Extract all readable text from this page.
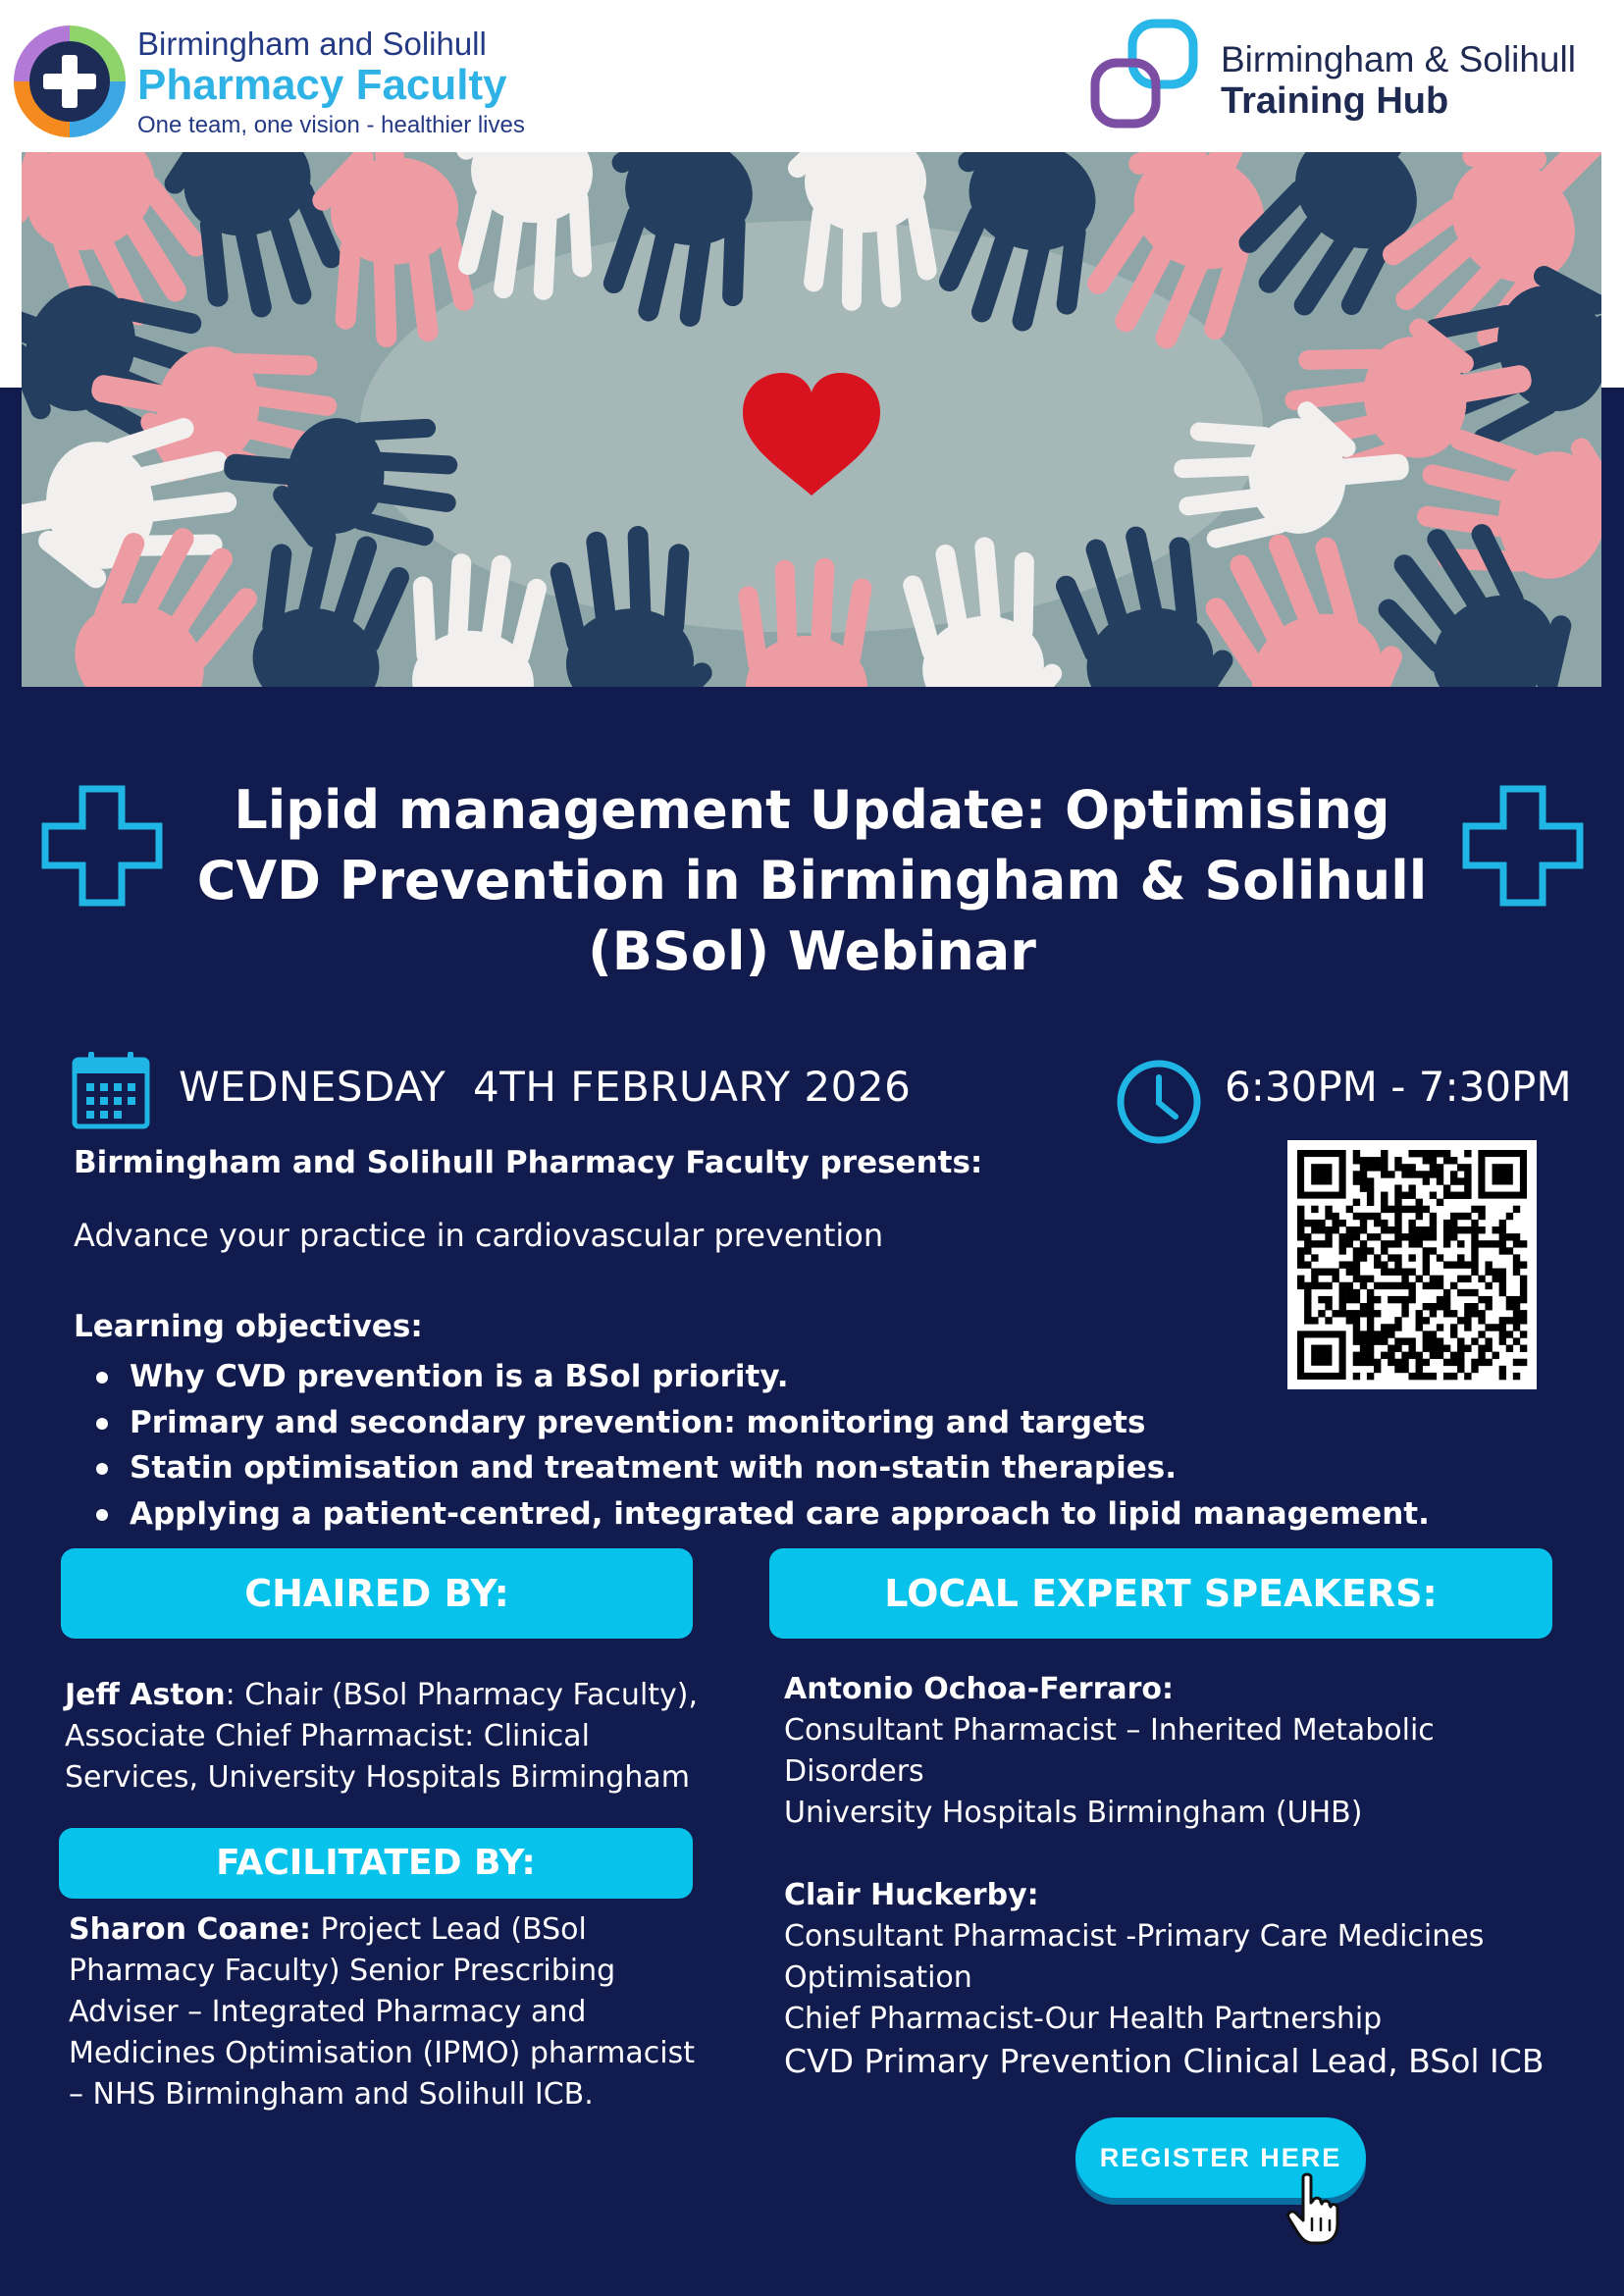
Birmingham and Solihull
Pharmacy Faculty
One team, one vision - healthier lives
Birmingham & Solihull
Training Hub
Lipid management Update: Optimising CVD Prevention in Birmingham & Solihull (BSol) Webinar
WEDNESDAY  4TH FEBRUARY 2026	6:30PM - 7:30PM
Birmingham and Solihull Pharmacy Faculty presents:
Advance your practice in cardiovascular prevention
Learning objectives:
Why CVD prevention is a BSol priority.
Primary and secondary prevention: monitoring and targets
Statin optimisation and treatment with non-statin therapies.
Applying a patient-centred, integrated care approach to lipid management.
CHAIRED BY:
Jeff Aston: Chair (BSol Pharmacy Faculty), Associate Chief Pharmacist: Clinical Services, University Hospitals Birmingham
FACILITATED BY:
Sharon Coane: Project Lead (BSol Pharmacy Faculty) Senior Prescribing Adviser – Integrated Pharmacy and Medicines Optimisation (IPMO) pharmacist – NHS Birmingham and Solihull ICB.
LOCAL EXPERT SPEAKERS:
Antonio Ochoa-Ferraro:
Consultant Pharmacist – Inherited Metabolic Disorders
University Hospitals Birmingham (UHB)
Clair Huckerby:
Consultant Pharmacist -Primary Care Medicines Optimisation
Chief Pharmacist-Our Health Partnership
CVD Primary Prevention Clinical Lead, BSol ICB
REGISTER HERE
